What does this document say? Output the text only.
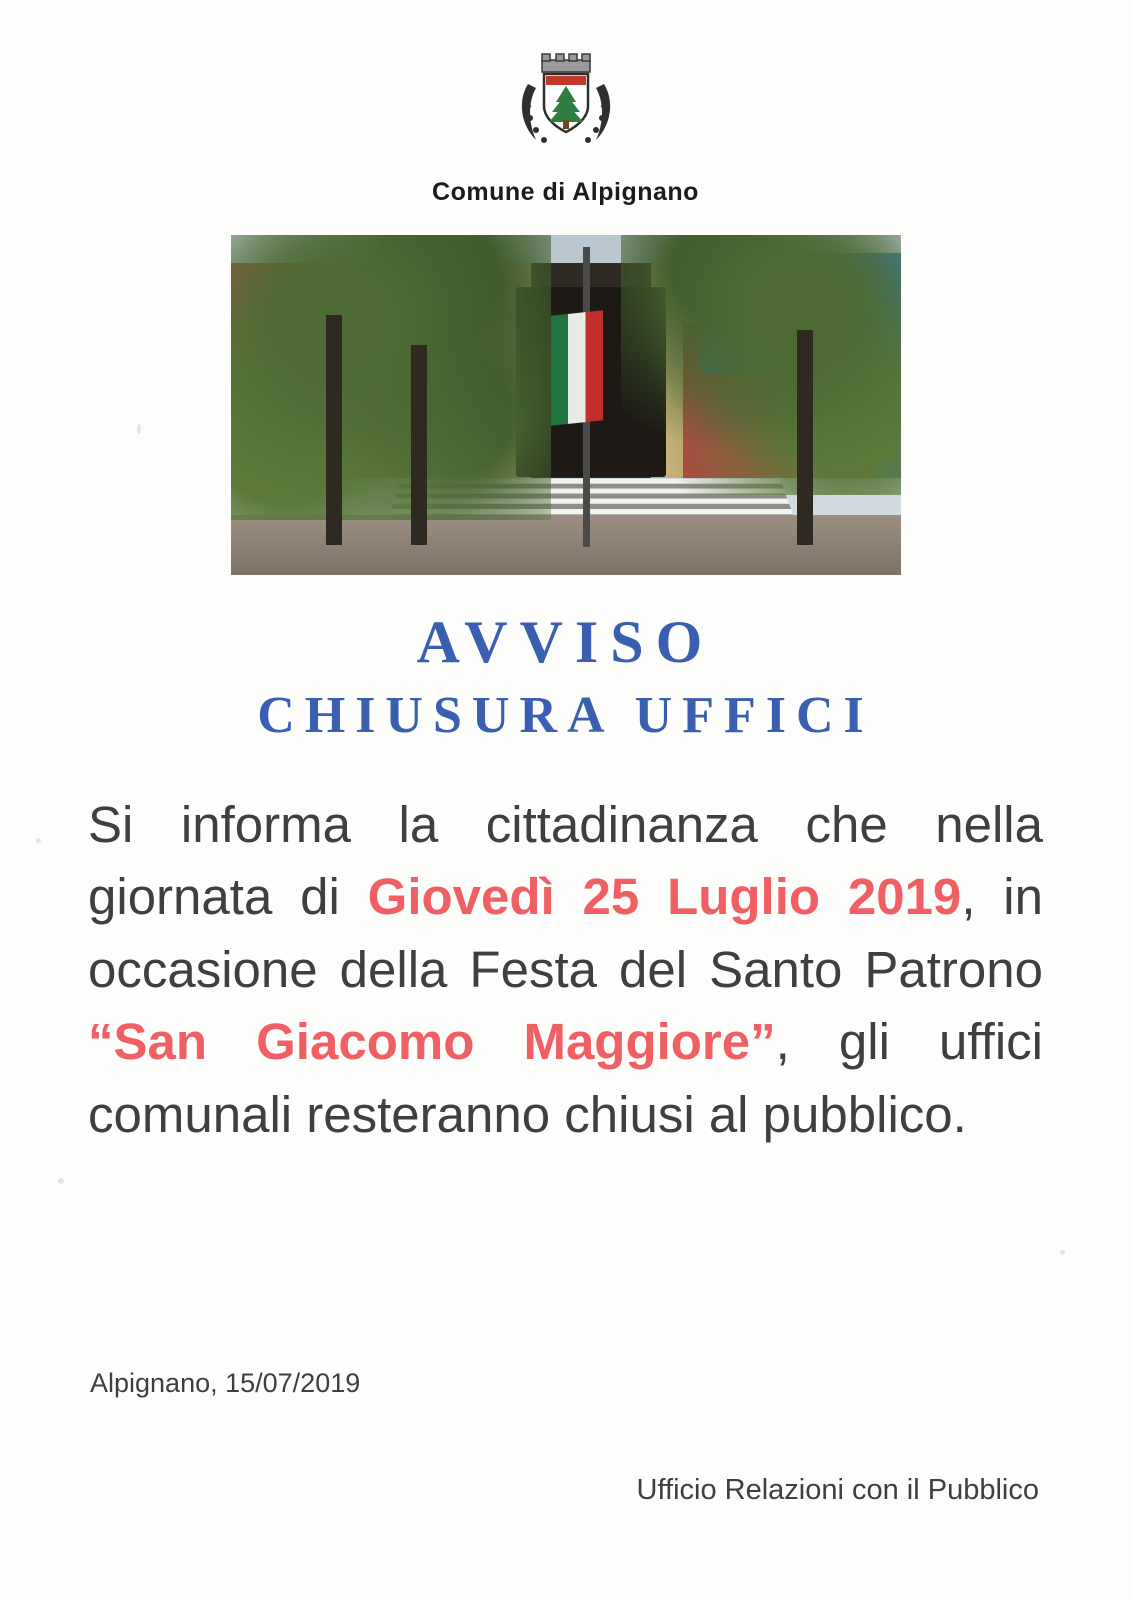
Comune di Alpignano
AVVISO
CHIUSURA UFFICI
Si informa la cittadinanza che nella giornata di Giovedì 25 Luglio 2019, in occasione della Festa del Santo Patrono “San Giacomo Maggiore”, gli uffici comunali resteranno chiusi al pubblico.
Alpignano, 15/07/2019
Ufficio Relazioni con il Pubblico
